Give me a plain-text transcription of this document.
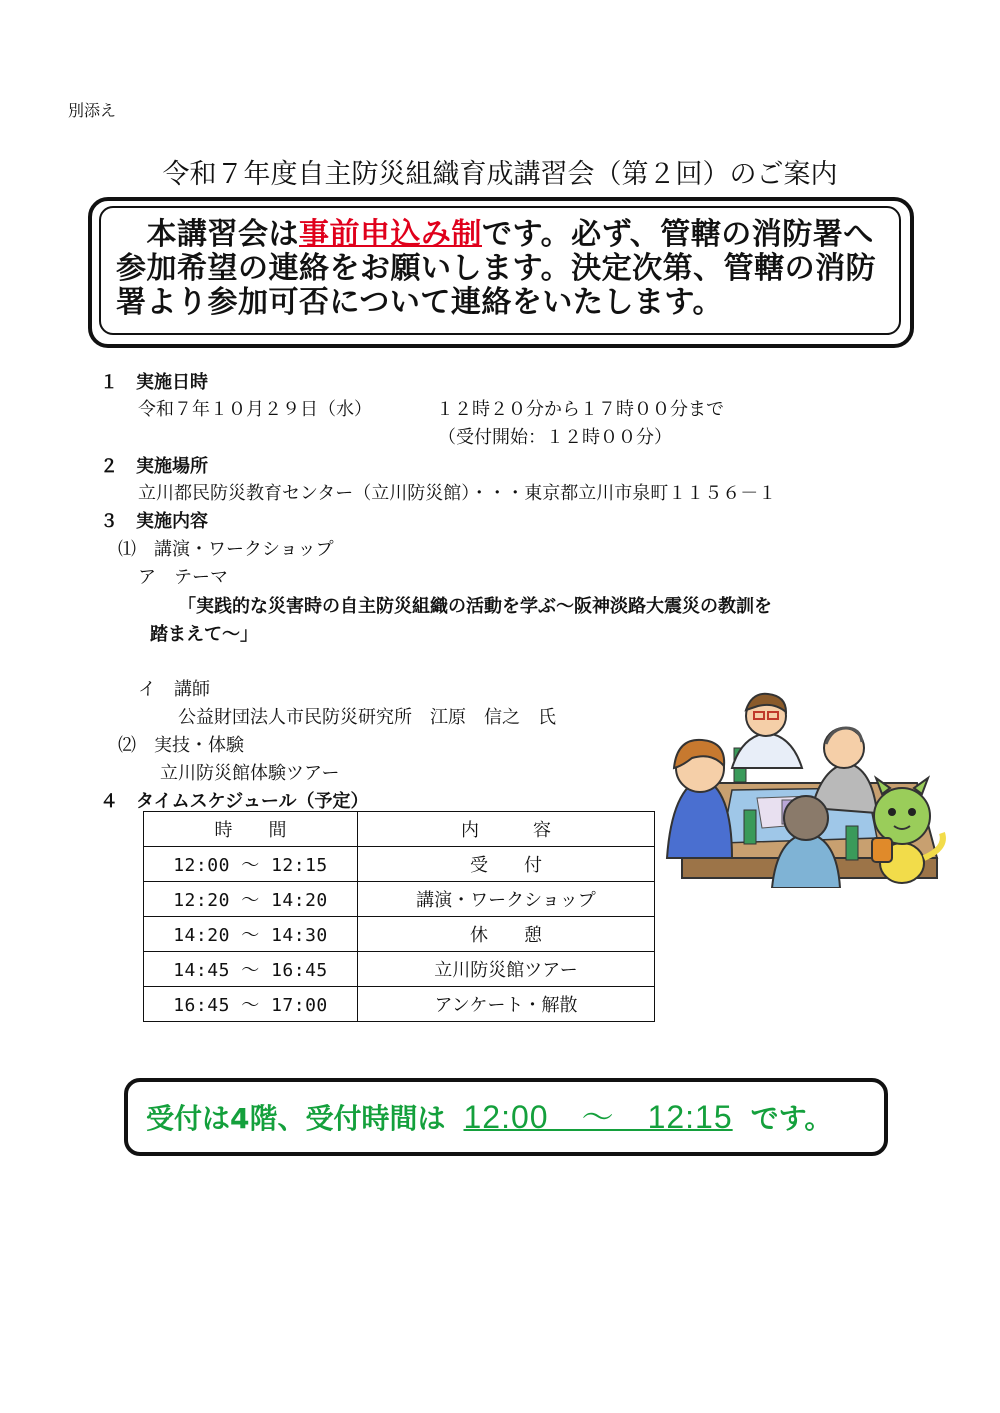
別添え
令和７年度自主防災組織育成講習会（第２回）のご案内
　本講習会は事前申込み制です。必ず、管轄の消防署へ参加希望の連絡をお願いします。決定次第、管轄の消防署より参加可否について連絡をいたします。
１　実施日時
令和７年１０月２９日（水）	１２時２０分から１７時００分まで
（受付開始：１２時００分）
２　実施場所
立川都民防災教育センター（立川防災館）・・・東京都立川市泉町１１５６－１
３　実施内容
⑴　講演・ワークショップ
ア　テーマ
「実践的な災害時の自主防災組織の活動を学ぶ～阪神淡路大震災の教訓を
踏まえて～」
イ　講師
公益財団法人市民防災研究所　江原　信之　氏
⑵　実技・体験
立川防災館体験ツアー
４　タイムスケジュール（予定）
時　　間	内　　　容
12:00 ～ 12:15	受　　付
12:20 ～ 14:20	講演・ワークショップ
14:20 ～ 14:30	休　　憩
14:45 ～ 16:45	立川防災館ツアー
16:45 ～ 17:00	アンケート・解散
受付は4階、受付時間は 12:00　～　12:15 です。
